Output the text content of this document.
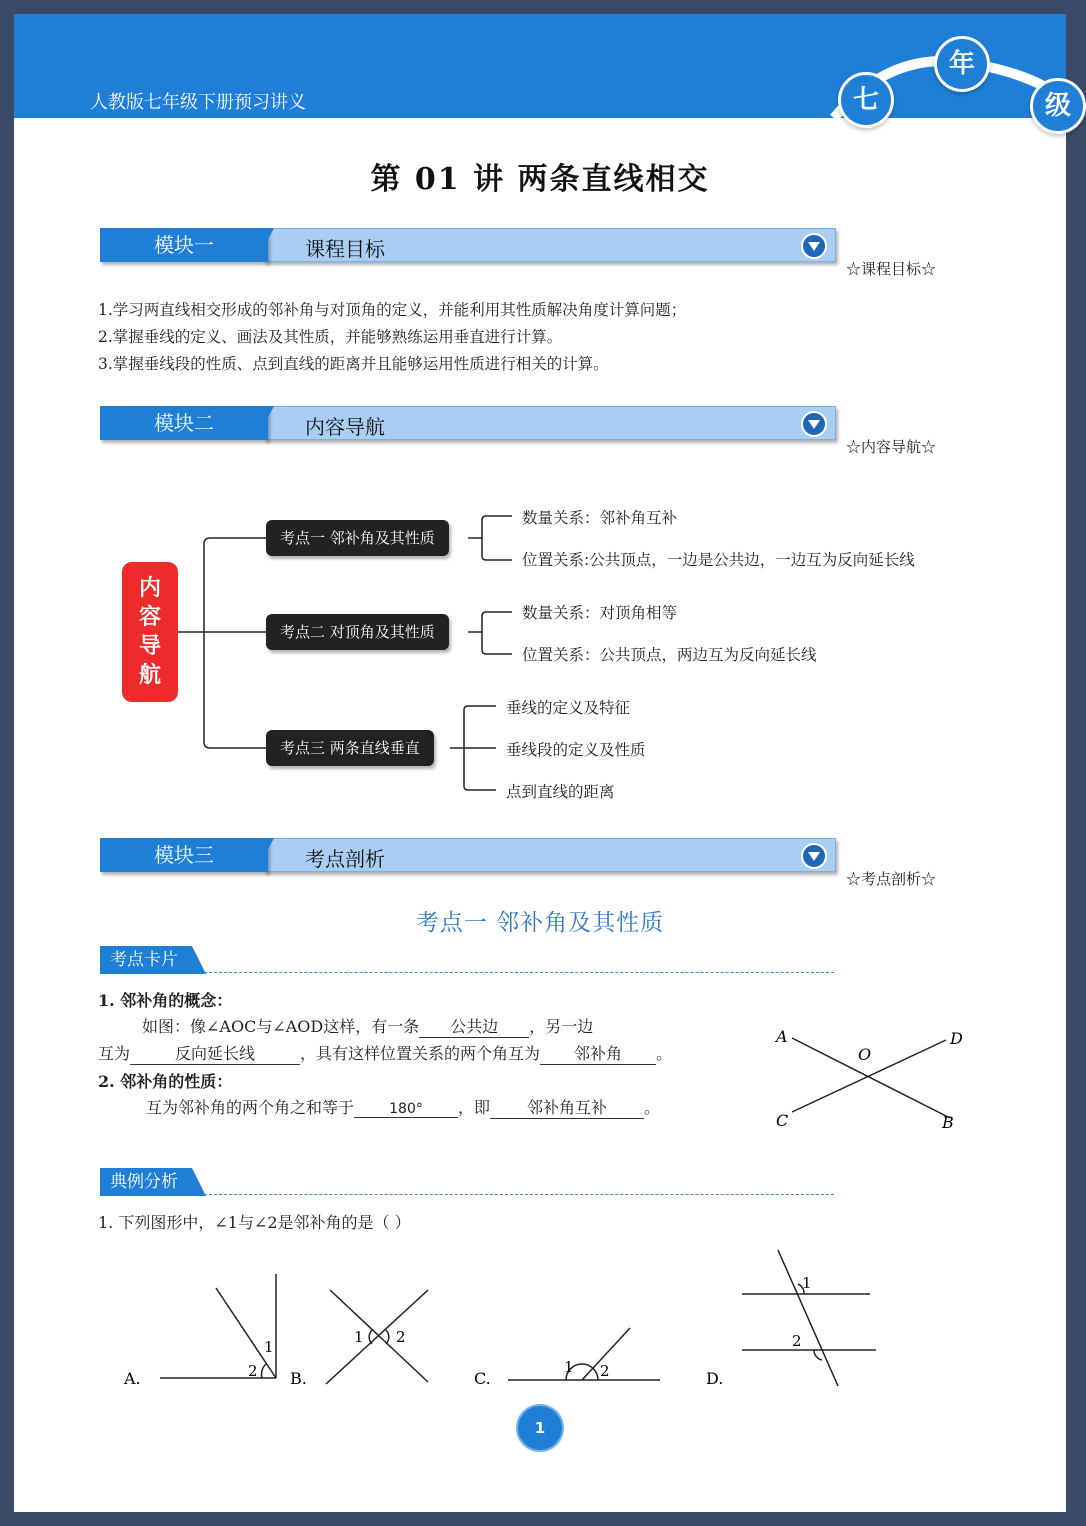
人教版七年级下册预习讲义	七
年
级
第 01 讲 两条直线相交
课程目标
模块一
☆课程目标☆
1.学习两直线相交形成的邻补角与对顶角的定义，并能利用其性质解决角度计算问题；
2.掌握垂线的定义、画法及其性质，并能够熟练运用垂直进行计算。
3.掌握垂线段的性质、点到直线的距离并且能够运用性质进行相关的计算。
内容导航
模块二
☆内容导航☆
内
容
导
航
考点一 邻补角及其性质
考点二 对顶角及其性质
考点三 两条直线垂直
数量关系：邻补角互补
位置关系:公共顶点，一边是公共边，一边互为反向延长线
数量关系：对顶角相等
位置关系：公共顶点，两边互为反向延长线
垂线的定义及特征
垂线段的定义及性质
点到直线的距离
考点剖析
模块三
☆考点剖析☆
考点一 邻补角及其性质
考点卡片
1. 邻补角的概念：
如图：像∠AOC与∠AOD这样，有一条 公共边 ，另一边
互为	反向延长线	，具有这样位置关系的两个角互为 邻补角 。
2. 邻补角的性质：
互为邻补角的两个角之和等于	180° ，即 邻补角互补 。
A	D
O
C	B
典例分析
1. 下列图形中，∠1与∠2是邻补角的是（ ）
A.	B.	C.	D.
1
2
1 2
1 2
1
2
1
